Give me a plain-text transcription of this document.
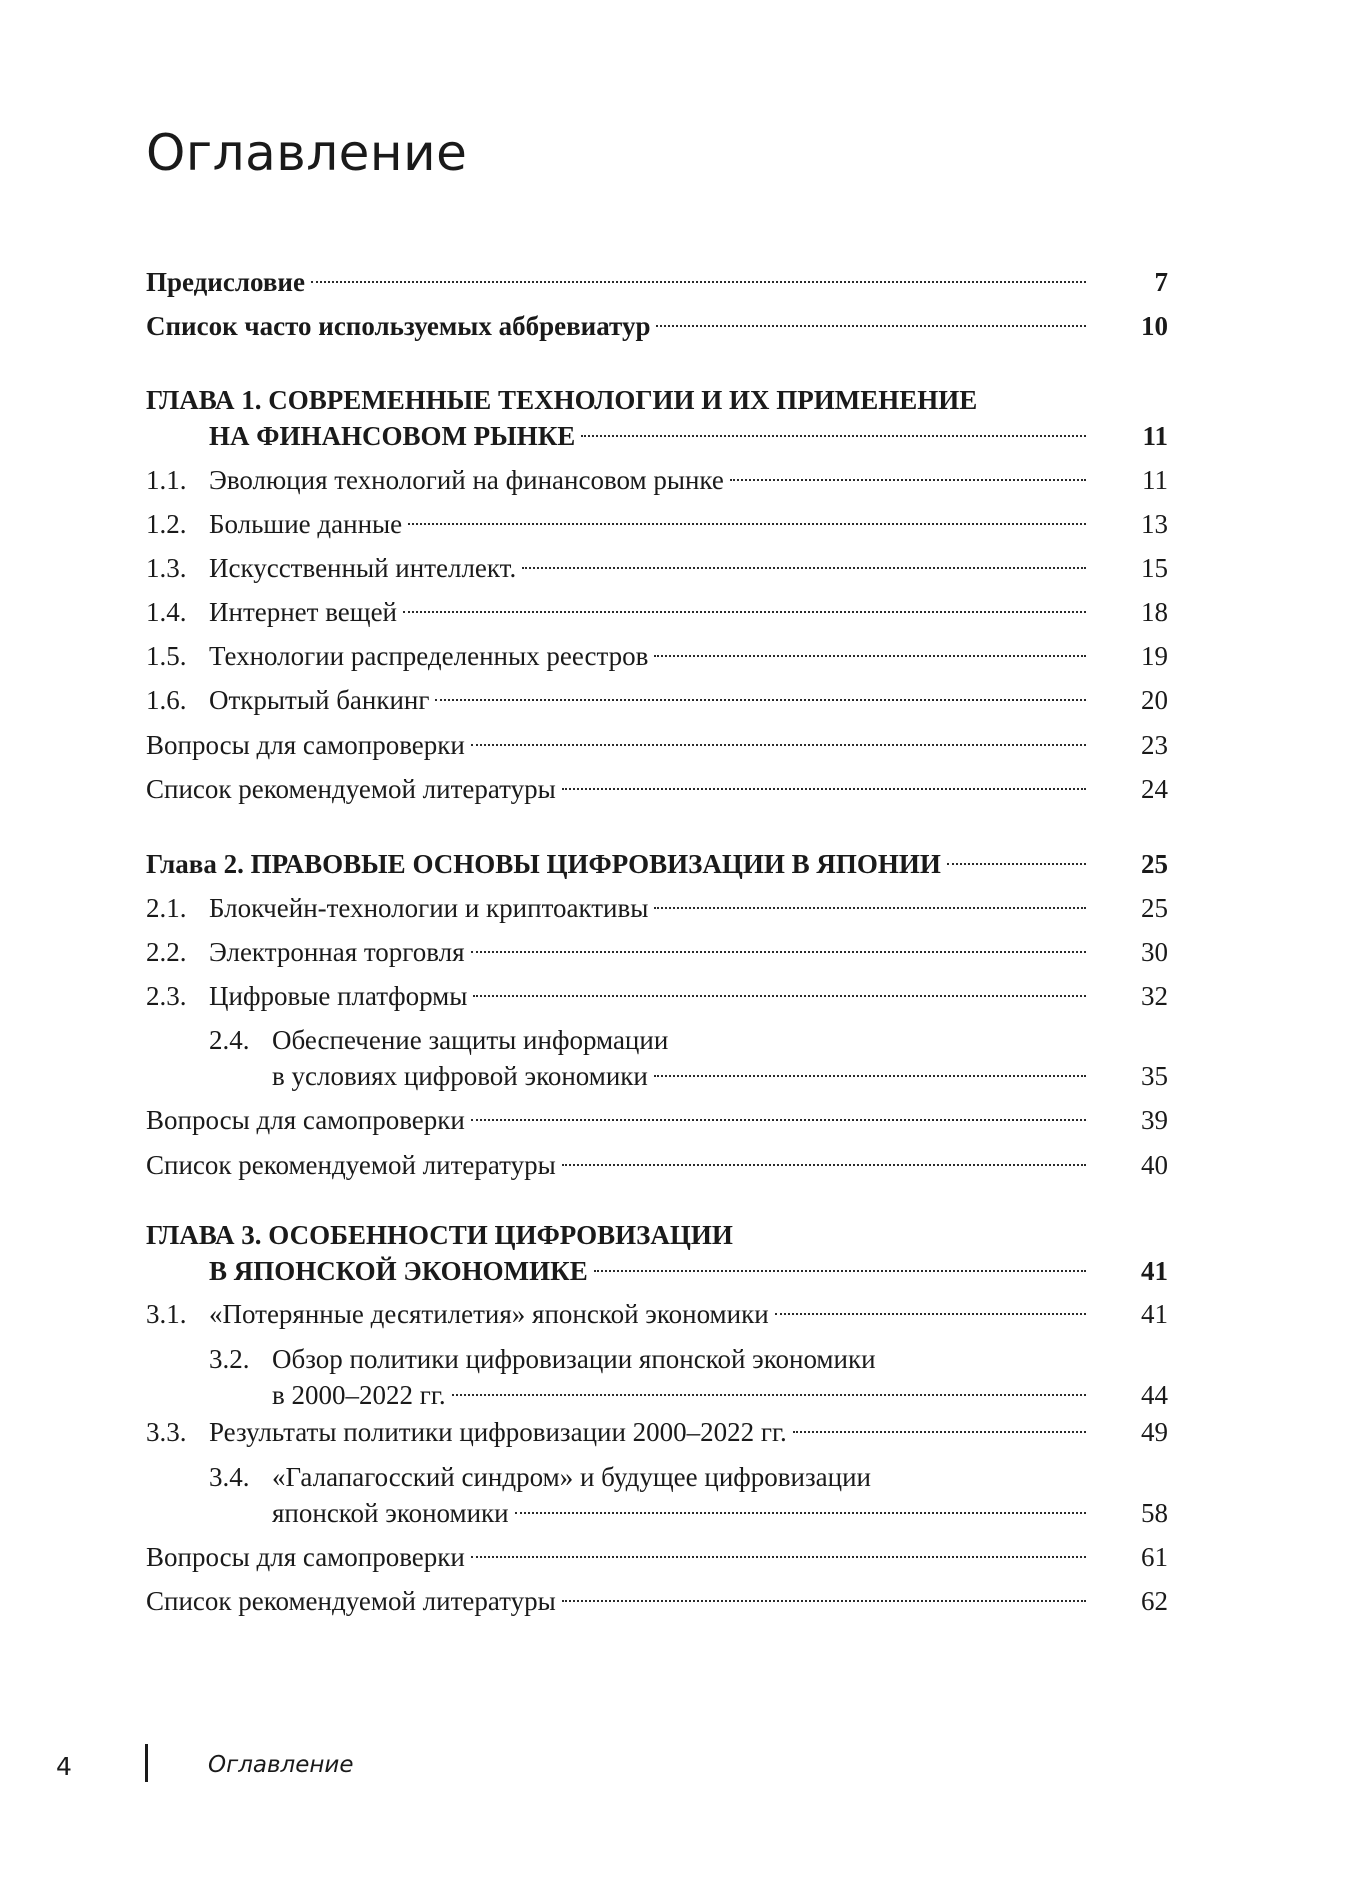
Оглавление
Предисловие	7
Список часто используемых аббревиатур	10
ГЛАВА 1. СОВРЕМЕННЫЕ ТЕХНОЛОГИИ И ИХ ПРИМЕНЕНИЕ
НА ФИНАНСОВОМ РЫНКЕ	11
1.1. Эволюция технологий на финансовом рынке	11
1.2. Большие данные	13
1.3. Искусственный интеллект.	15
1.4. Интернет вещей	18
1.5. Технологии распределенных реестров	19
1.6. Открытый банкинг	20
Вопросы для самопроверки	23
Список рекомендуемой литературы	24
Глава 2. ПРАВОВЫЕ ОСНОВЫ ЦИФРОВИЗАЦИИ В ЯПОНИИ	25
2.1. Блокчейн-технологии и криптоактивы	25
2.2. Электронная торговля	30
2.3. Цифровые платформы	32
2.4. Обеспечение защиты информации
в условиях цифровой экономики	35
Вопросы для самопроверки	39
Список рекомендуемой литературы	40
ГЛАВА 3. ОСОБЕННОСТИ ЦИФРОВИЗАЦИИ
В ЯПОНСКОЙ ЭКОНОМИКЕ	41
3.1. «Потерянные десятилетия» японской экономики	41
3.2. Обзор политики цифровизации японской экономики
в 2000–2022 гг.	44
3.3. Результаты политики цифровизации 2000–2022 гг.	49
3.4. «Галапагосский синдром» и будущее цифровизации
японской экономики	58
Вопросы для самопроверки	61
Список рекомендуемой литературы	62
4	Оглавление
